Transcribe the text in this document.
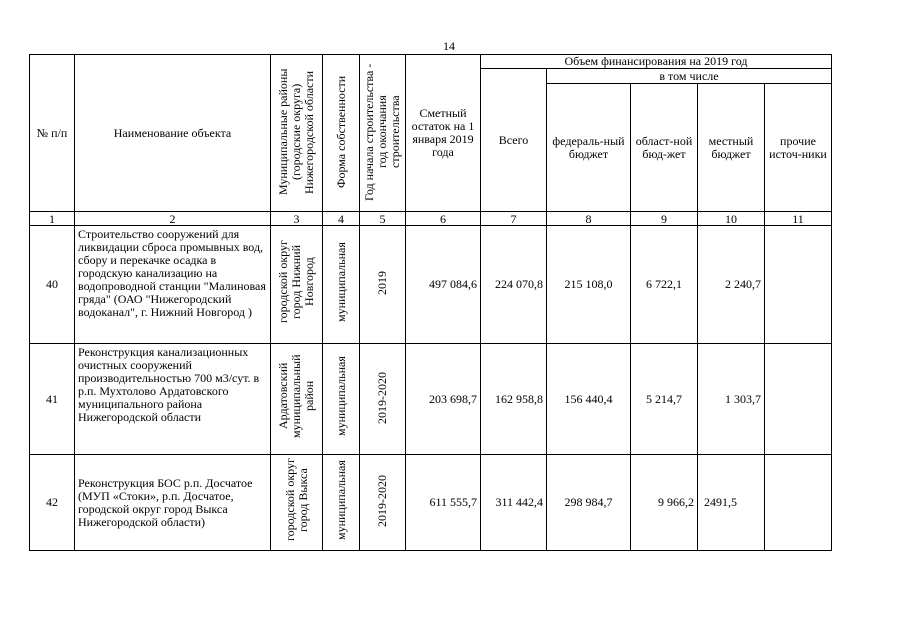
14
№ п/п	Наименование объекта	Муниципальные районы (городские округа) Нижегородской области	Форма собственности	Год начала строительства - год окончания строительства	Сметный остаток на 1 января 2019 года	Объем финансирования на 2019 год				
						Всего	в том числе			
							федераль-ный бюджет	област-ной бюд-жет	местный бюджет	прочие источ-ники
1	2	3	4	5	6	7	8	9	10	11
40	Строительство сооружений для ликвидации сброса промывных вод, сбору и перекачке осадка в городскую канализацию на водопроводной станции "Малиновая гряда" (ОАО "Нижегородский водоканал", г. Нижний Новгород )	городской округ город Нижний Новгород	муниципальная	2019	497 084,6	224 070,8	215 108,0	6 722,1	2 240,7	
41	Реконструкция канализационных очистных сооружений производительностью 700 м3/сут. в р.п. Мухтолово Ардатовского муниципального района Нижегородской области	Ардатовский муниципальный район	муниципальная	2019-2020	203 698,7	162 958,8	156 440,4	5 214,7	1 303,7	
42	Реконструкция БОС р.п. Досчатое (МУП «Стоки», р.п. Досчатое, городской округ город Выкса Нижегородской области)	городской округ город Выкса	муниципальная	2019-2020	611 555,7	311 442,4	298 984,7	9 966,2	2491,5	
